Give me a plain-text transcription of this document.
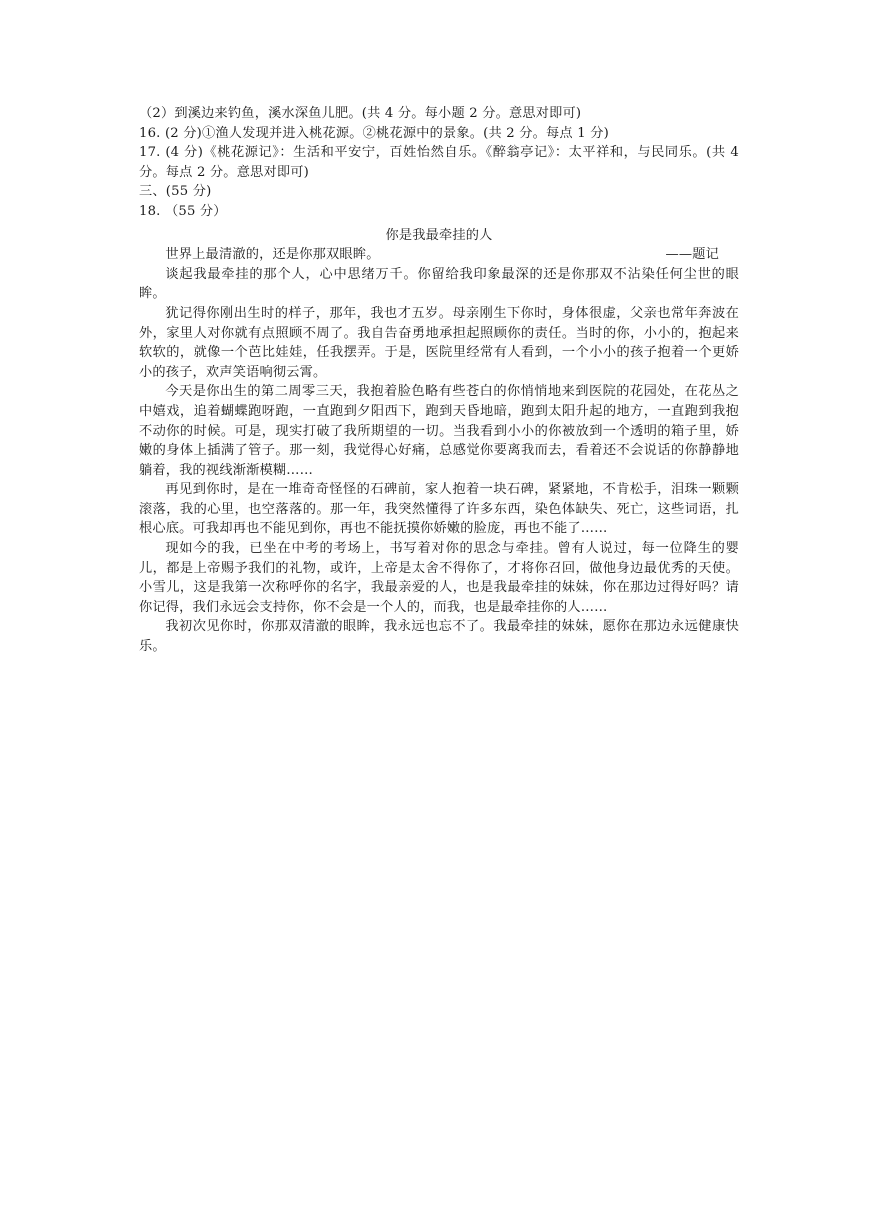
（2）到溪边来钓鱼，溪水深鱼儿肥。(共 4 分。每小题 2 分。意思对即可)

16. (2 分)①渔人发现并进入桃花源。②桃花源中的景象。(共 2 分。每点 1 分)

17. (4 分)《桃花源记》：生活和平安宁，百姓怡然自乐。《醉翁亭记》：太平祥和，与民同乐。(共 4 分。每点 2 分。意思对即可)

三、(55 分)

18. （55 分）

你是我最牵挂的人

世界上最清澈的，还是你那双眼眸。	——题记

谈起我最牵挂的那个人，心中思绪万千。你留给我印象最深的还是你那双不沾染任何尘世的眼眸。

犹记得你刚出生时的样子，那年，我也才五岁。母亲刚生下你时，身体很虚，父亲也常年奔波在外，家里人对你就有点照顾不周了。我自告奋勇地承担起照顾你的责任。当时的你，小小的，抱起来软软的，就像一个芭比娃娃，任我摆弄。于是，医院里经常有人看到，一个小小的孩子抱着一个更娇小的孩子，欢声笑语响彻云霄。

今天是你出生的第二周零三天，我抱着脸色略有些苍白的你悄悄地来到医院的花园处，在花丛之中嬉戏，追着蝴蝶跑呀跑，一直跑到夕阳西下，跑到天昏地暗，跑到太阳升起的地方，一直跑到我抱不动你的时候。可是，现实打破了我所期望的一切。当我看到小小的你被放到一个透明的箱子里，娇嫩的身体上插满了管子。那一刻，我觉得心好痛，总感觉你要离我而去，看着还不会说话的你静静地躺着，我的视线渐渐模糊……

再见到你时，是在一堆奇奇怪怪的石碑前，家人抱着一块石碑，紧紧地，不肯松手，泪珠一颗颗滚落，我的心里，也空落落的。那一年，我突然懂得了许多东西，染色体缺失、死亡，这些词语，扎根心底。可我却再也不能见到你，再也不能抚摸你娇嫩的脸庞，再也不能了……

现如今的我，已坐在中考的考场上，书写着对你的思念与牵挂。曾有人说过，每一位降生的婴儿，都是上帝赐予我们的礼物，或许，上帝是太舍不得你了，才将你召回，做他身边最优秀的天使。小雪儿，这是我第一次称呼你的名字，我最亲爱的人，也是我最牵挂的妹妹，你在那边过得好吗？请你记得，我们永远会支持你，你不会是一个人的，而我，也是最牵挂你的人……

我初次见你时，你那双清澈的眼眸，我永远也忘不了。我最牵挂的妹妹，愿你在那边永远健康快乐。
